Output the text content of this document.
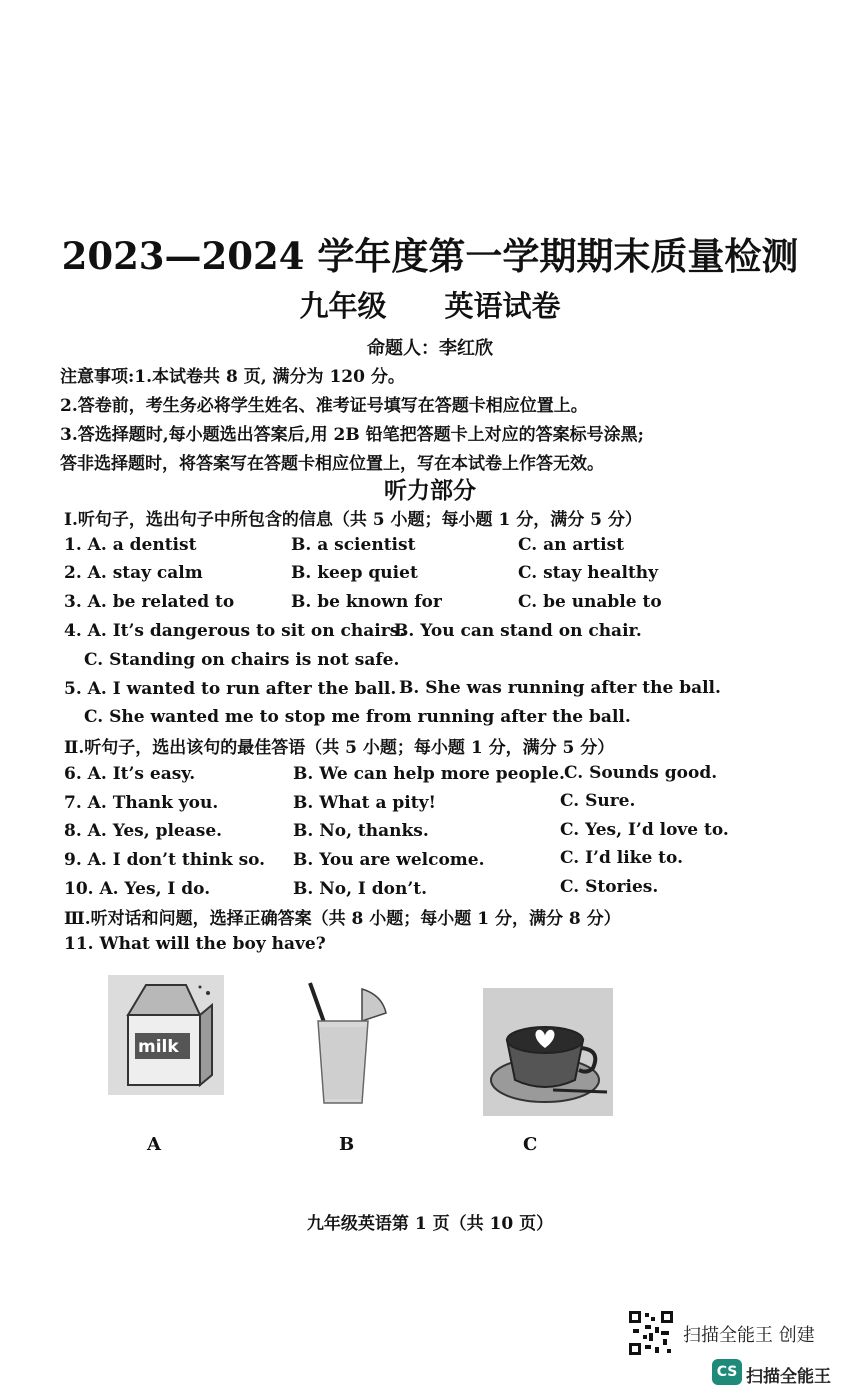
2023—2024 学年度第一学期期末质量检测
九年级 英语试卷
命题人：李红欣
注意事项:1.本试卷共 8 页, 满分为 120 分。
2.答卷前，考生务必将学生姓名、准考证号填写在答题卡相应位置上。
3.答选择题时,每小题选出答案后,用 2B 铅笔把答题卡上对应的答案标号涂黑;
答非选择题时，将答案写在答题卡相应位置上，写在本试卷上作答无效。
听力部分
Ⅰ.听句子，选出句子中所包含的信息（共 5 小题；每小题 1 分，满分 5 分）
1. A. a dentist	B. a scientist	C. an artist
2. A. stay calm	B. keep quiet	C. stay healthy
3. A. be related to	B. be known for	C. be unable to
4. A. It’s dangerous to sit on chairs.
B. You can stand on chair.
C. Standing on chairs is not safe.
5. A. I wanted to run after the ball. B. She was running after the ball.
C. She wanted me to stop me from running after the ball.
Ⅱ.听句子，选出该句的最佳答语（共 5 小题；每小题 1 分，满分 5 分）
6. A. It’s easy.	B. We can help more people. C. Sounds good.
7. A. Thank you.	B. What a pity!	C. Sure.
8. A. Yes, please.	B. No, thanks.	C. Yes, I’d love to.
9. A. I don’t think so. B. You are welcome.	C. I’d like to.
10. A. Yes, I do.	B. No, I don’t.	C. Stories.
Ⅲ.听对话和问题，选择正确答案（共 8 小题；每小题 1 分，满分 8 分）
11. What will the boy have?
milk
A	B	C
九年级英语第 1 页（共 10 页）
扫描全能王 创建
CS 扫描全能王
